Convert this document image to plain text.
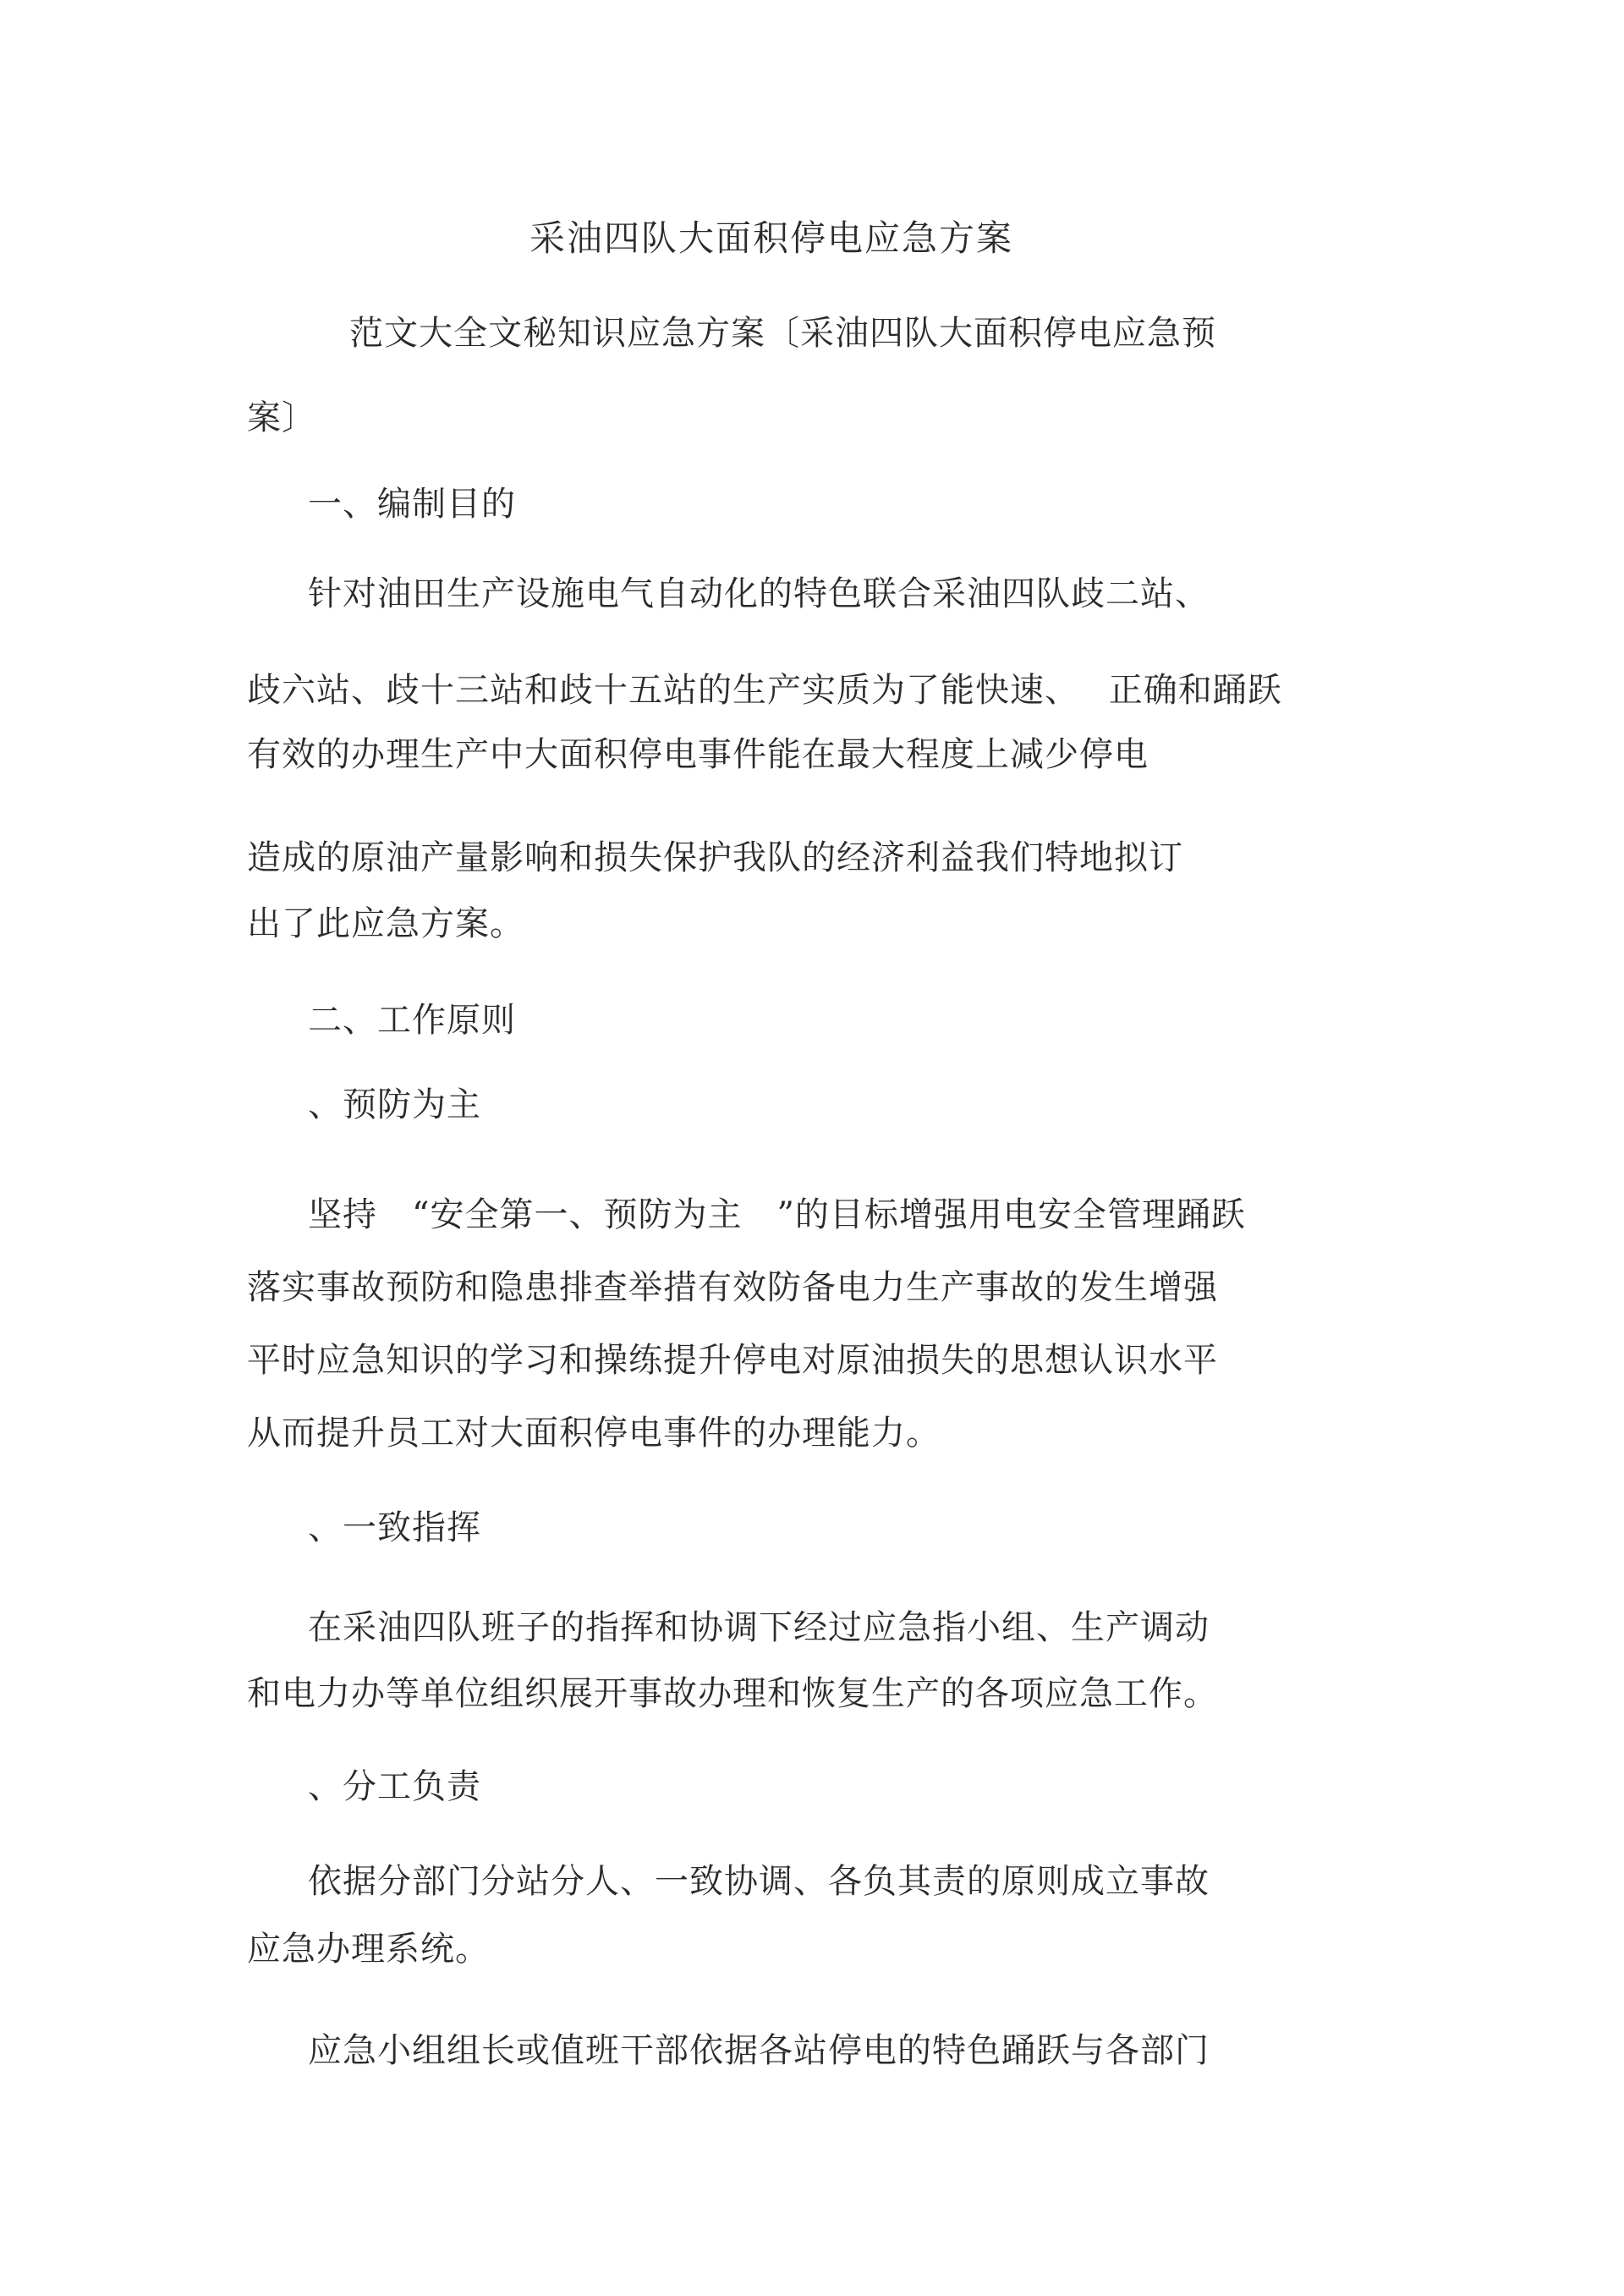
采油四队大面积停电应急方案

范文大全文秘知识应急方案〔采油四队大面积停电应急预

案〕

一、编制目的

针对油田生产设施电气自动化的特色联合采油四队歧二站、

歧六站、歧十三站和歧十五站的生产实质为了能快速、　 正确和踊跃

有效的办理生产中大面积停电事件能在最大程度上减少停电

造成的原油产量影响和损失保护我队的经济利益我们特地拟订

出了此应急方案。

二、工作原则

、预防为主

坚持　“安全第一、预防为主　”的目标增强用电安全管理踊跃

落实事故预防和隐患排查举措有效防备电力生产事故的发生增强

平时应急知识的学习和操练提升停电对原油损失的思想认识水平

从而提升员工对大面积停电事件的办理能力。

、一致指挥

在采油四队班子的指挥和协调下经过应急指小组、生产调动

和电力办等单位组织展开事故办理和恢复生产的各项应急工作。

、分工负责

依据分部门分站分人、一致协调、各负其责的原则成立事故

应急办理系统。

应急小组组长或值班干部依据各站停电的特色踊跃与各部门
